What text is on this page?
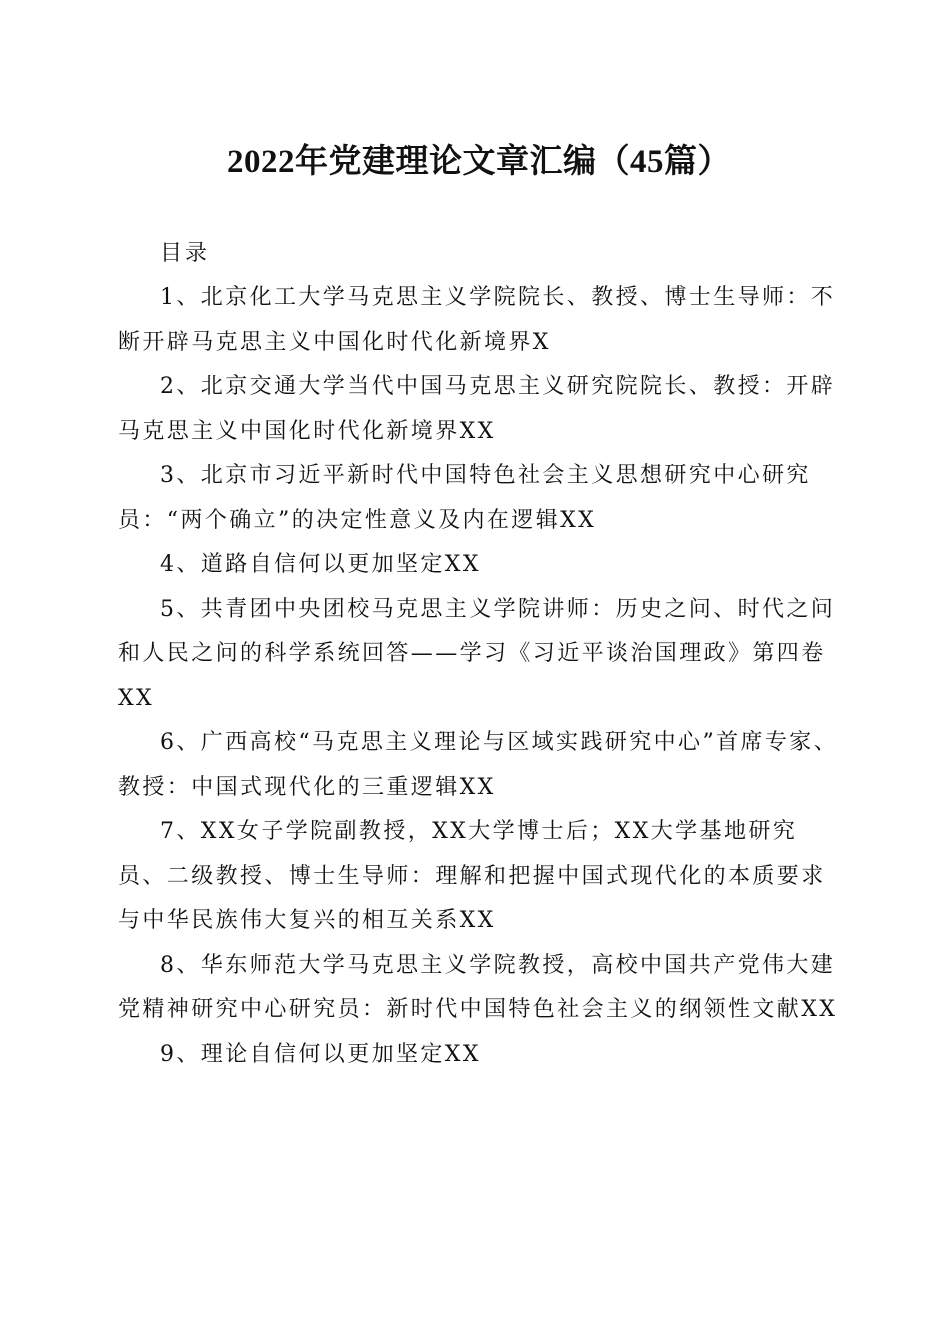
2022年党建理论文章汇编（45篇）
目录

1、北京化工大学马克思主义学院院长、教授、博士生导师：不断开辟马克思主义中国化时代化新境界X

2、北京交通大学当代中国马克思主义研究院院长、教授：开辟马克思主义中国化时代化新境界XX

3、北京市习近平新时代中国特色社会主义思想研究中心研究员：“两个确立”的决定性意义及内在逻辑XX

4、道路自信何以更加坚定XX

5、共青团中央团校马克思主义学院讲师：历史之问、时代之问和人民之问的科学系统回答——学习《习近平谈治国理政》第四卷XX

6、广西高校“马克思主义理论与区域实践研究中心”首席专家、教授：中国式现代化的三重逻辑XX

7、XX女子学院副教授，XX大学博士后；XX大学基地研究员、二级教授、博士生导师：理解和把握中国式现代化的本质要求与中华民族伟大复兴的相互关系XX

8、华东师范大学马克思主义学院教授，高校中国共产党伟大建党精神研究中心研究员：新时代中国特色社会主义的纲领性文献XX

9、理论自信何以更加坚定XX
